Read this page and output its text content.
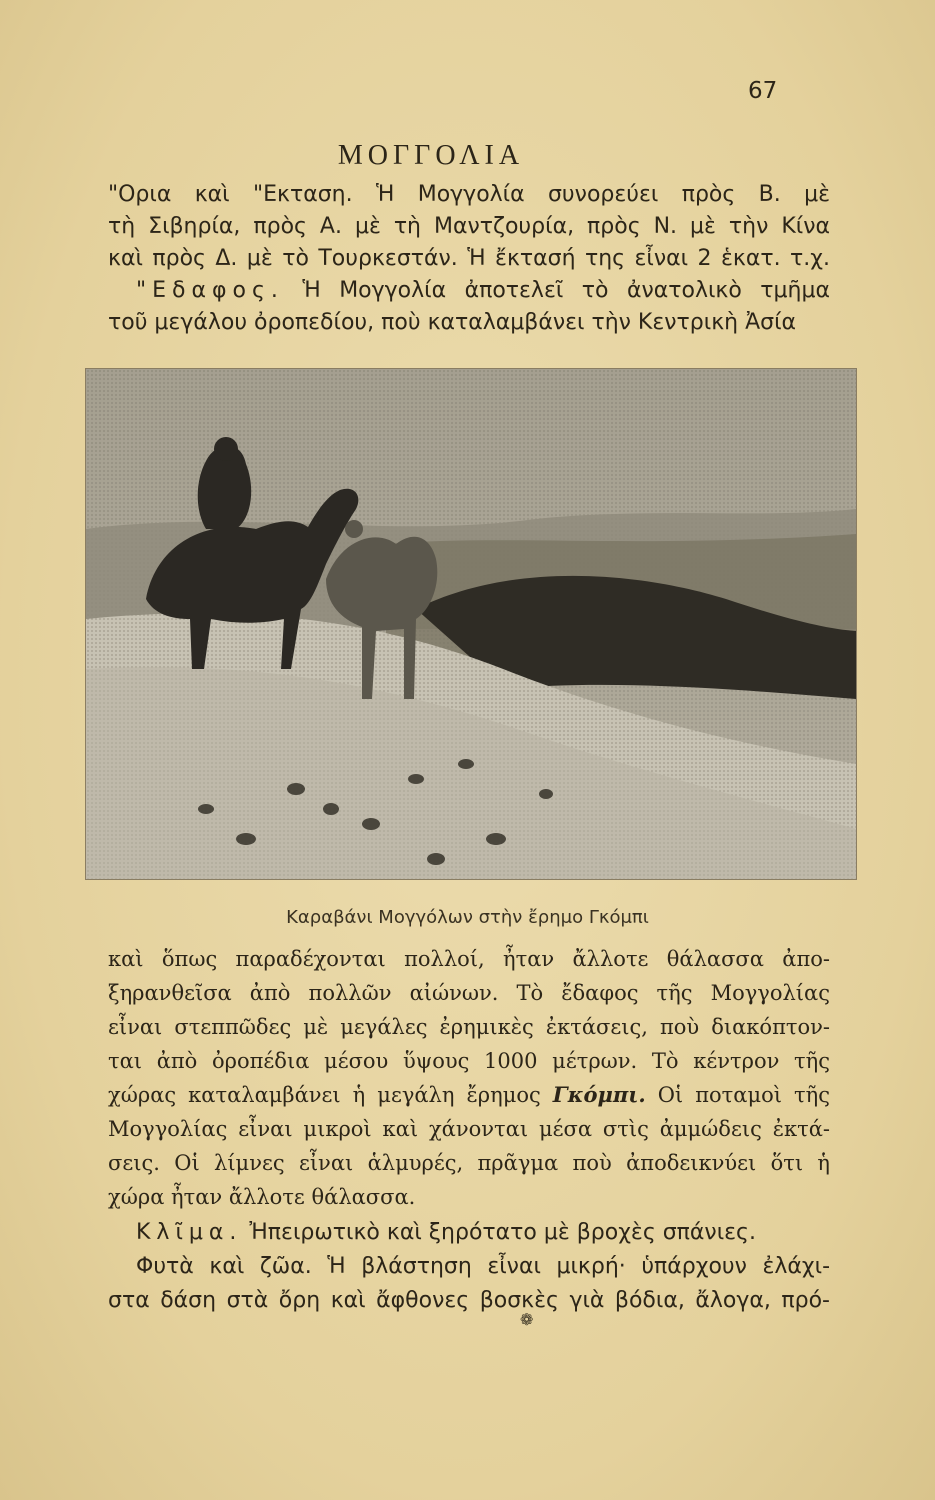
67
ΜΟΓΓΟΛΙΑ
"Ορια καὶ "Εκταση. Ἡ Μογγολία συνορεύει πρὸς Β. μὲ
τὴ Σιβηρία, πρὸς Α. μὲ τὴ Μαντζουρία, πρὸς Ν. μὲ τὴν Κίνα
καὶ πρὸς Δ. μὲ τὸ Τουρκεστάν. Ἡ ἔκτασή της εἶναι 2 ἑκατ. τ.χ.
"Εδαφος. Ἡ Μογγολία ἀποτελεῖ τὸ ἀνατολικὸ τμῆμα
τοῦ μεγάλου ὀροπεδίου, ποὺ καταλαμβάνει τὴν Κεντρικὴ Ἀσία
Καραβάνι Μογγόλων στὴν ἔρημο Γκόμπι
καὶ ὅπως παραδέχονται πολλοί, ἦταν ἄλλοτε θάλασσα ἀπο-
ξηρανθεῖσα ἀπὸ πολλῶν αἰώνων. Τὸ ἔδαφος τῆς Μογγολίας
εἶναι στεππῶδες μὲ μεγάλες ἐρημικὲς ἐκτάσεις, ποὺ διακόπτον-
ται ἀπὸ ὀροπέδια μέσου ὕψους 1000 μέτρων. Τὸ κέντρον τῆς
χώρας καταλαμβάνει ἡ μεγάλη ἔρημος Γκόμπι. Οἱ ποταμοὶ τῆς
Μογγολίας εἶναι μικροὶ καὶ χάνονται μέσα στὶς ἀμμώδεις ἐκτά-
σεις. Οἱ λίμνες εἶναι ἁλμυρές, πρᾶγμα ποὺ ἀποδεικνύει ὅτι ἡ
χώρα ἦταν ἄλλοτε θάλασσα.
Κλῖμα. Ἠπειρωτικὸ καὶ ξηρότατο μὲ βροχὲς σπάνιες.
Φυτὰ καὶ ζῶα. Ἡ βλάστηση εἶναι μικρή· ὑπάρχουν ἐλάχι-
στα δάση στὰ ὄρη καὶ ἄφθονες βοσκὲς γιὰ βόδια, ἄλογα, πρό-
❁
